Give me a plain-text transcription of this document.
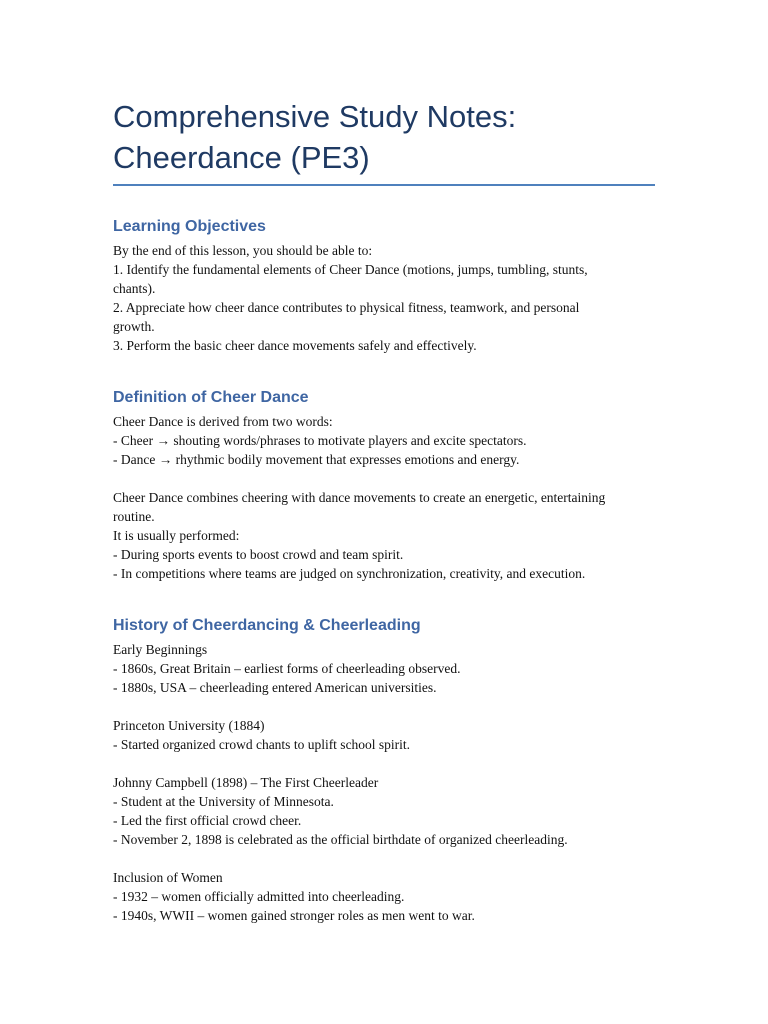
Comprehensive Study Notes:
Cheerdance (PE3)
Learning Objectives
By the end of this lesson, you should be able to:
1. Identify the fundamental elements of Cheer Dance (motions, jumps, tumbling, stunts,
chants).
2. Appreciate how cheer dance contributes to physical fitness, teamwork, and personal
growth.
3. Perform the basic cheer dance movements safely and effectively.
Definition of Cheer Dance
Cheer Dance is derived from two words:
- Cheer → shouting words/phrases to motivate players and excite spectators.
- Dance → rhythmic bodily movement that expresses emotions and energy.
Cheer Dance combines cheering with dance movements to create an energetic, entertaining
routine.
It is usually performed:
- During sports events to boost crowd and team spirit.
- In competitions where teams are judged on synchronization, creativity, and execution.
History of Cheerdancing & Cheerleading
Early Beginnings
- 1860s, Great Britain – earliest forms of cheerleading observed.
- 1880s, USA – cheerleading entered American universities.
Princeton University (1884)
- Started organized crowd chants to uplift school spirit.
Johnny Campbell (1898) – The First Cheerleader
- Student at the University of Minnesota.
- Led the first official crowd cheer.
- November 2, 1898 is celebrated as the official birthdate of organized cheerleading.
Inclusion of Women
- 1932 – women officially admitted into cheerleading.
- 1940s, WWII – women gained stronger roles as men went to war.
